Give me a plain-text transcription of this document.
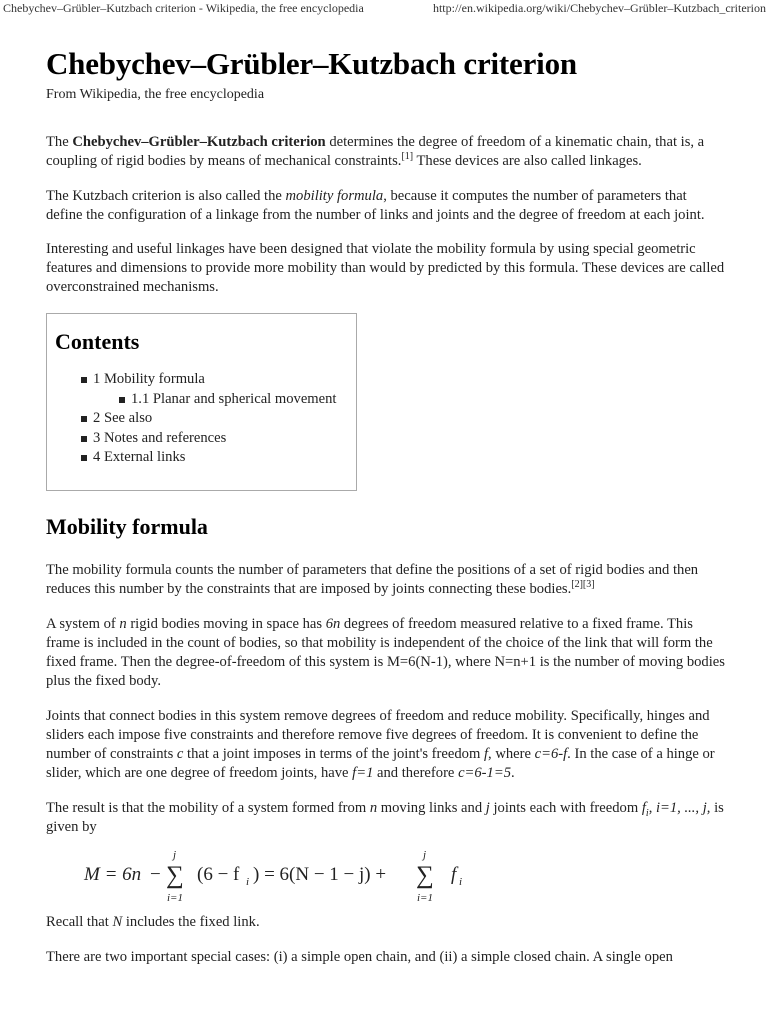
Chebychev–Grübler–Kutzbach criterion - Wikipedia, the free encyclopedia	http://en.wikipedia.org/wiki/Chebychev–Grübler–Kutzbach_criterion
Chebychev–Grübler–Kutzbach criterion
From Wikipedia, the free encyclopedia

The Chebychev–Grübler–Kutzbach criterion determines the degree of freedom of a kinematic chain, that is, a coupling of rigid bodies by means of mechanical constraints.[1] These devices are also called linkages.

The Kutzbach criterion is also called the mobility formula, because it computes the number of parameters that define the configuration of a linkage from the number of links and joints and the degree of freedom at each joint.

Interesting and useful linkages have been designed that violate the mobility formula by using special geometric features and dimensions to provide more mobility than would by predicted by this formula. These devices are called overconstrained mechanisms.

Contents
1 Mobility formula
1.1 Planar and spherical movement
2 See also
3 Notes and references
4 External links
Mobility formula

The mobility formula counts the number of parameters that define the positions of a set of rigid bodies and then reduces this number by the constraints that are imposed by joints connecting these bodies.[2][3]

A system of n rigid bodies moving in space has 6n degrees of freedom measured relative to a fixed frame. This frame is included in the count of bodies, so that mobility is independent of the choice of the link that will form the fixed frame. Then the degree-of-freedom of this system is M=6(N-1), where N=n+1 is the number of moving bodies plus the fixed body.

Joints that connect bodies in this system remove degrees of freedom and reduce mobility. Specifically, hinges and sliders each impose five constraints and therefore remove five degrees of freedom. It is convenient to define the number of constraints c that a joint imposes in terms of the joint's freedom f, where c=6-f. In the case of a hinge or slider, which are one degree of freedom joints, have f=1 and therefore c=6-1=5.

The result is that the mobility of a system formed from n moving links and j joints each with freedom $f_i$, i=1, ..., j, is given by

M = 6n −
j
∑
i=1
(6 − f i ) = 6(N − 1 − j) +
j
∑
i=1
f i

Recall that N includes the fixed link.

There are two important special cases: (i) a simple open chain, and (ii) a simple closed chain. A single open
